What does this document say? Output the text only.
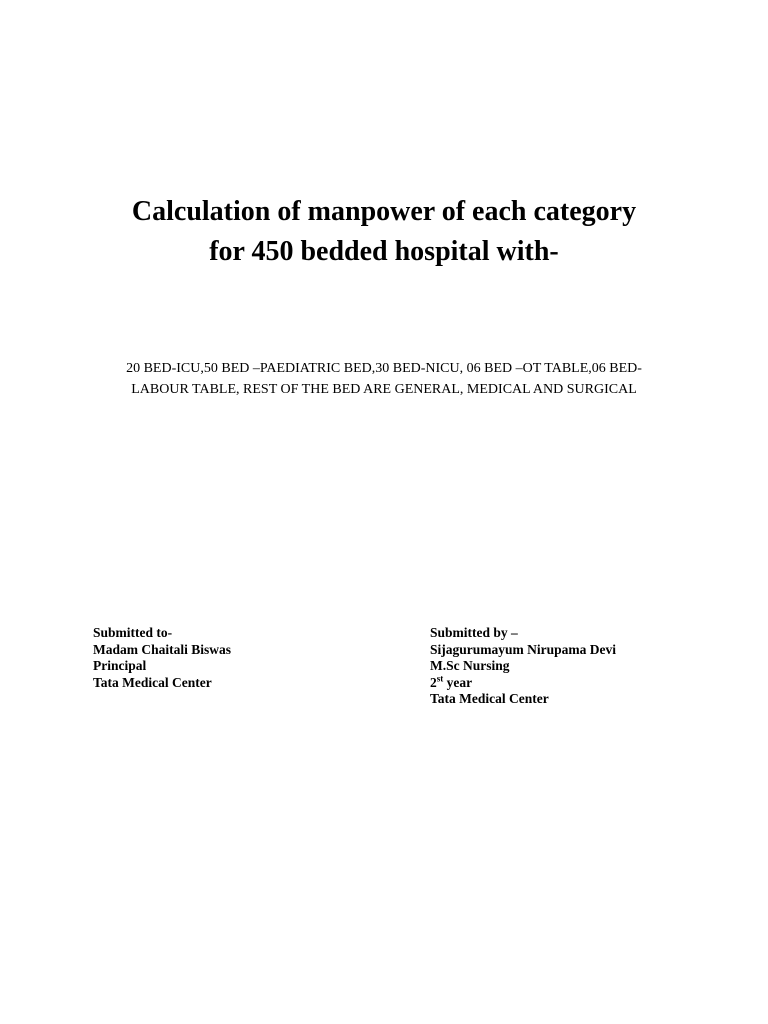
Calculation of manpower of each category
for 450 bedded hospital with-
20 BED-ICU,50 BED –PAEDIATRIC BED,30 BED-NICU, 06 BED –OT TABLE,06 BED-
LABOUR TABLE, REST OF THE BED ARE GENERAL, MEDICAL AND SURGICAL
Submitted to-
Madam Chaitali Biswas
Principal
Tata Medical Center
Submitted by –
Sijagurumayum Nirupama Devi
M.Sc Nursing
2st year
Tata Medical Center
